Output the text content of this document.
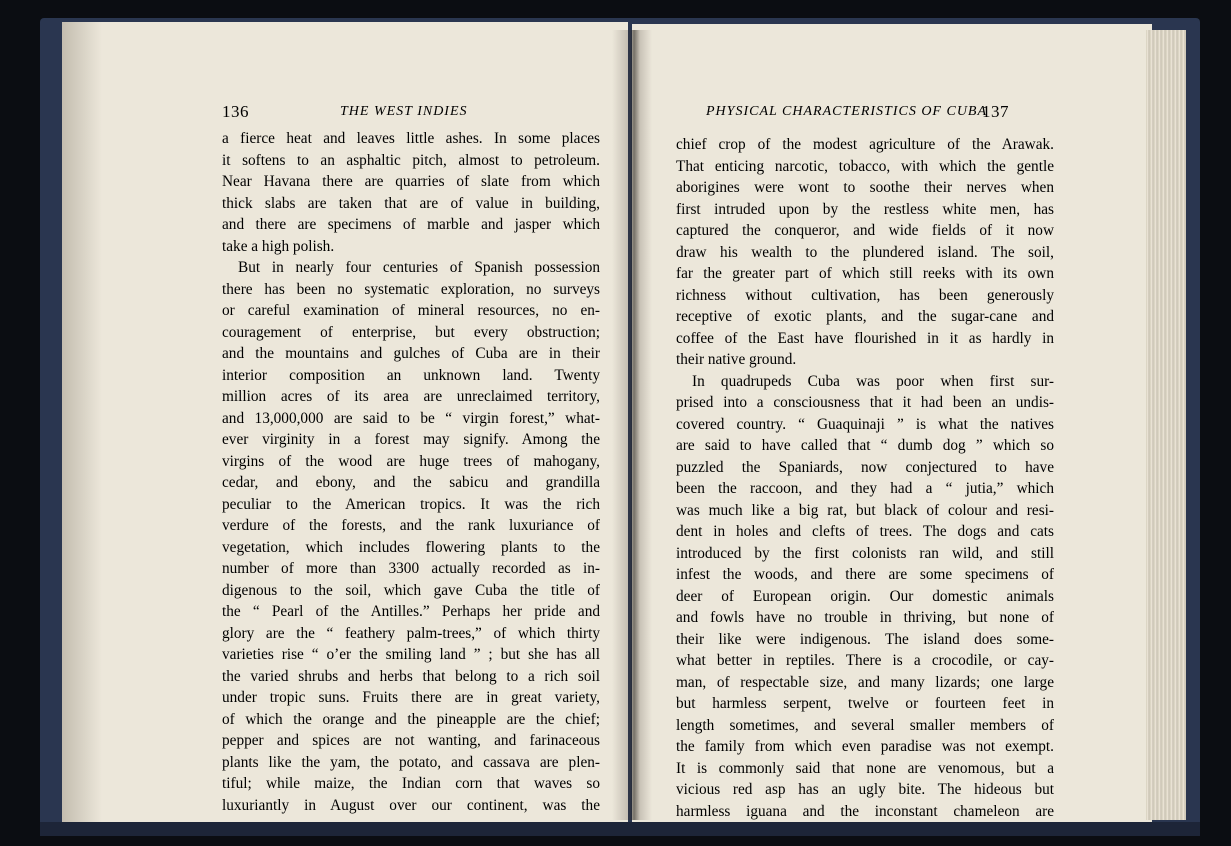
136	THE WEST INDIES	PHYSICAL CHARACTERISTICS OF CUBA
137
a fierce heat and leaves little ashes. In some places
it softens to an asphaltic pitch, almost to petroleum.
Near Havana there are quarries of slate from which
thick slabs are taken that are of value in building,
and there are specimens of marble and jasper which
take a high polish.
But in nearly four centuries of Spanish possession
there has been no systematic exploration, no surveys
or careful examination of mineral resources, no en-
couragement of enterprise, but every obstruction;
and the mountains and gulches of Cuba are in their
interior composition an unknown land. Twenty
million acres of its area are unreclaimed territory,
and 13,000,000 are said to be “ virgin forest,” what-
ever virginity in a forest may signify. Among the
virgins of the wood are huge trees of mahogany,
cedar, and ebony, and the sabicu and grandilla
peculiar to the American tropics. It was the rich
verdure of the forests, and the rank luxuriance of
vegetation, which includes flowering plants to the
number of more than 3300 actually recorded as in-
digenous to the soil, which gave Cuba the title of
the “ Pearl of the Antilles.” Perhaps her pride and
glory are the “ feathery palm-trees,” of which thirty
varieties rise “ o’er the smiling land ” ; but she has all
the varied shrubs and herbs that belong to a rich soil
under tropic suns. Fruits there are in great variety,
of which the orange and the pineapple are the chief;
pepper and spices are not wanting, and farinaceous
plants like the yam, the potato, and cassava are plen-
tiful; while maize, the Indian corn that waves so
luxuriantly in August over our continent, was the
chief crop of the modest agriculture of the Arawak.
That enticing narcotic, tobacco, with which the gentle
aborigines were wont to soothe their nerves when
first intruded upon by the restless white men, has
captured the conqueror, and wide fields of it now
draw his wealth to the plundered island. The soil,
far the greater part of which still reeks with its own
richness without cultivation, has been generously
receptive of exotic plants, and the sugar-cane and
coffee of the East have flourished in it as hardly in
their native ground.
In quadrupeds Cuba was poor when first sur-
prised into a consciousness that it had been an undis-
covered country. “ Guaquinaji ” is what the natives
are said to have called that “ dumb dog ” which so
puzzled the Spaniards, now conjectured to have
been the raccoon, and they had a “ jutia,” which
was much like a big rat, but black of colour and resi-
dent in holes and clefts of trees. The dogs and cats
introduced by the first colonists ran wild, and still
infest the woods, and there are some specimens of
deer of European origin. Our domestic animals
and fowls have no trouble in thriving, but none of
their like were indigenous. The island does some-
what better in reptiles. There is a crocodile, or cay-
man, of respectable size, and many lizards; one large
but harmless serpent, twelve or fourteen feet in
length sometimes, and several smaller members of
the family from which even paradise was not exempt.
It is commonly said that none are venomous, but a
vicious red asp has an ugly bite. The hideous but
harmless iguana and the inconstant chameleon are
